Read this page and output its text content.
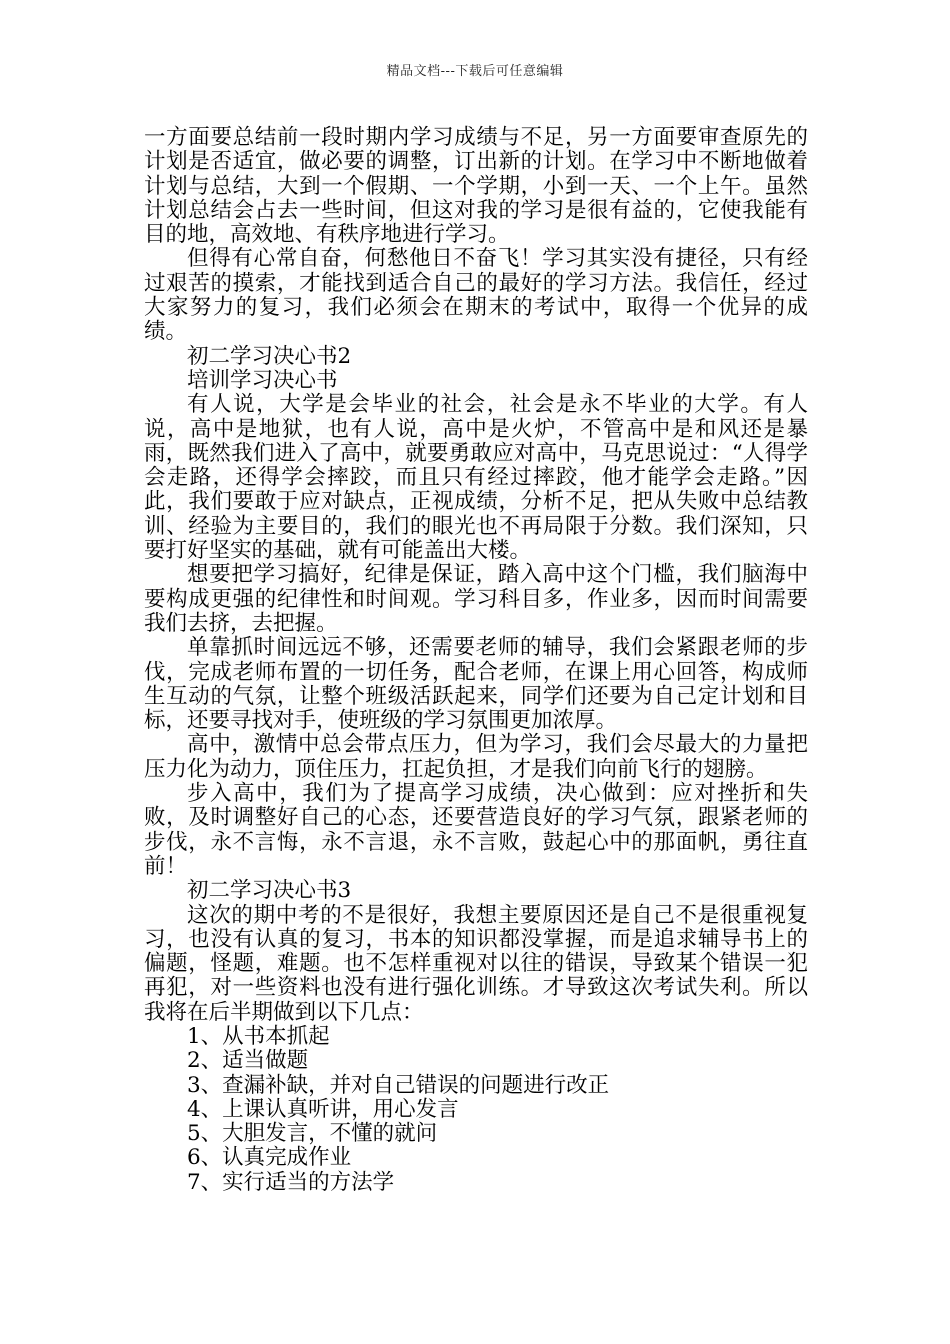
精品文档---下载后可任意编辑

一方面要总结前一段时期内学习成绩与不足，另一方面要审查原先的计划是否适宜，做必要的调整，订出新的计划。在学习中不断地做着计划与总结，大到一个假期、一个学期，小到一天、一个上午。虽然计划总结会占去一些时间，但这对我的学习是很有益的，它使我能有目的地，高效地、有秩序地进行学习。

但得有心常自奋，何愁他日不奋飞！学习其实没有捷径，只有经过艰苦的摸索，才能找到适合自己的最好的学习方法。我信任，经过大家努力的复习，我们必须会在期末的考试中，取得一个优异的成绩。

初二学习决心书2

培训学习决心书

有人说，大学是会毕业的社会，社会是永不毕业的大学。有人说，高中是地狱，也有人说，高中是火炉，不管高中是和风还是暴雨，既然我们进入了高中，就要勇敢应对高中，马克思说过：“人得学会走路，还得学会摔跤，而且只有经过摔跤，他才能学会走路。”因此，我们要敢于应对缺点，正视成绩，分析不足，把从失败中总结教训、经验为主要目的，我们的眼光也不再局限于分数。我们深知，只要打好坚实的基础，就有可能盖出大楼。

想要把学习搞好，纪律是保证，踏入高中这个门槛，我们脑海中要构成更强的纪律性和时间观。学习科目多，作业多，因而时间需要我们去挤，去把握。

单靠抓时间远远不够，还需要老师的辅导，我们会紧跟老师的步伐，完成老师布置的一切任务，配合老师，在课上用心回答，构成师生互动的气氛，让整个班级活跃起来，同学们还要为自己定计划和目标，还要寻找对手，使班级的学习氛围更加浓厚。

高中，激情中总会带点压力，但为学习，我们会尽最大的力量把压力化为动力，顶住压力，扛起负担，才是我们向前飞行的翅膀。

步入高中，我们为了提高学习成绩，决心做到：应对挫折和失败，及时调整好自己的心态，还要营造良好的学习气氛，跟紧老师的步伐，永不言悔，永不言退，永不言败，鼓起心中的那面帆，勇往直前！

初二学习决心书3

这次的期中考的不是很好，我想主要原因还是自己不是很重视复习，也没有认真的复习，书本的知识都没掌握，而是追求辅导书上的偏题，怪题，难题。也不怎样重视对以往的错误，导致某个错误一犯再犯，对一些资料也没有进行强化训练。才导致这次考试失利。所以我将在后半期做到以下几点：

1、从书本抓起

2、适当做题

3、查漏补缺，并对自己错误的问题进行改正

4、上课认真听讲，用心发言

5、大胆发言，不懂的就问

6、认真完成作业

7、实行适当的方法学
